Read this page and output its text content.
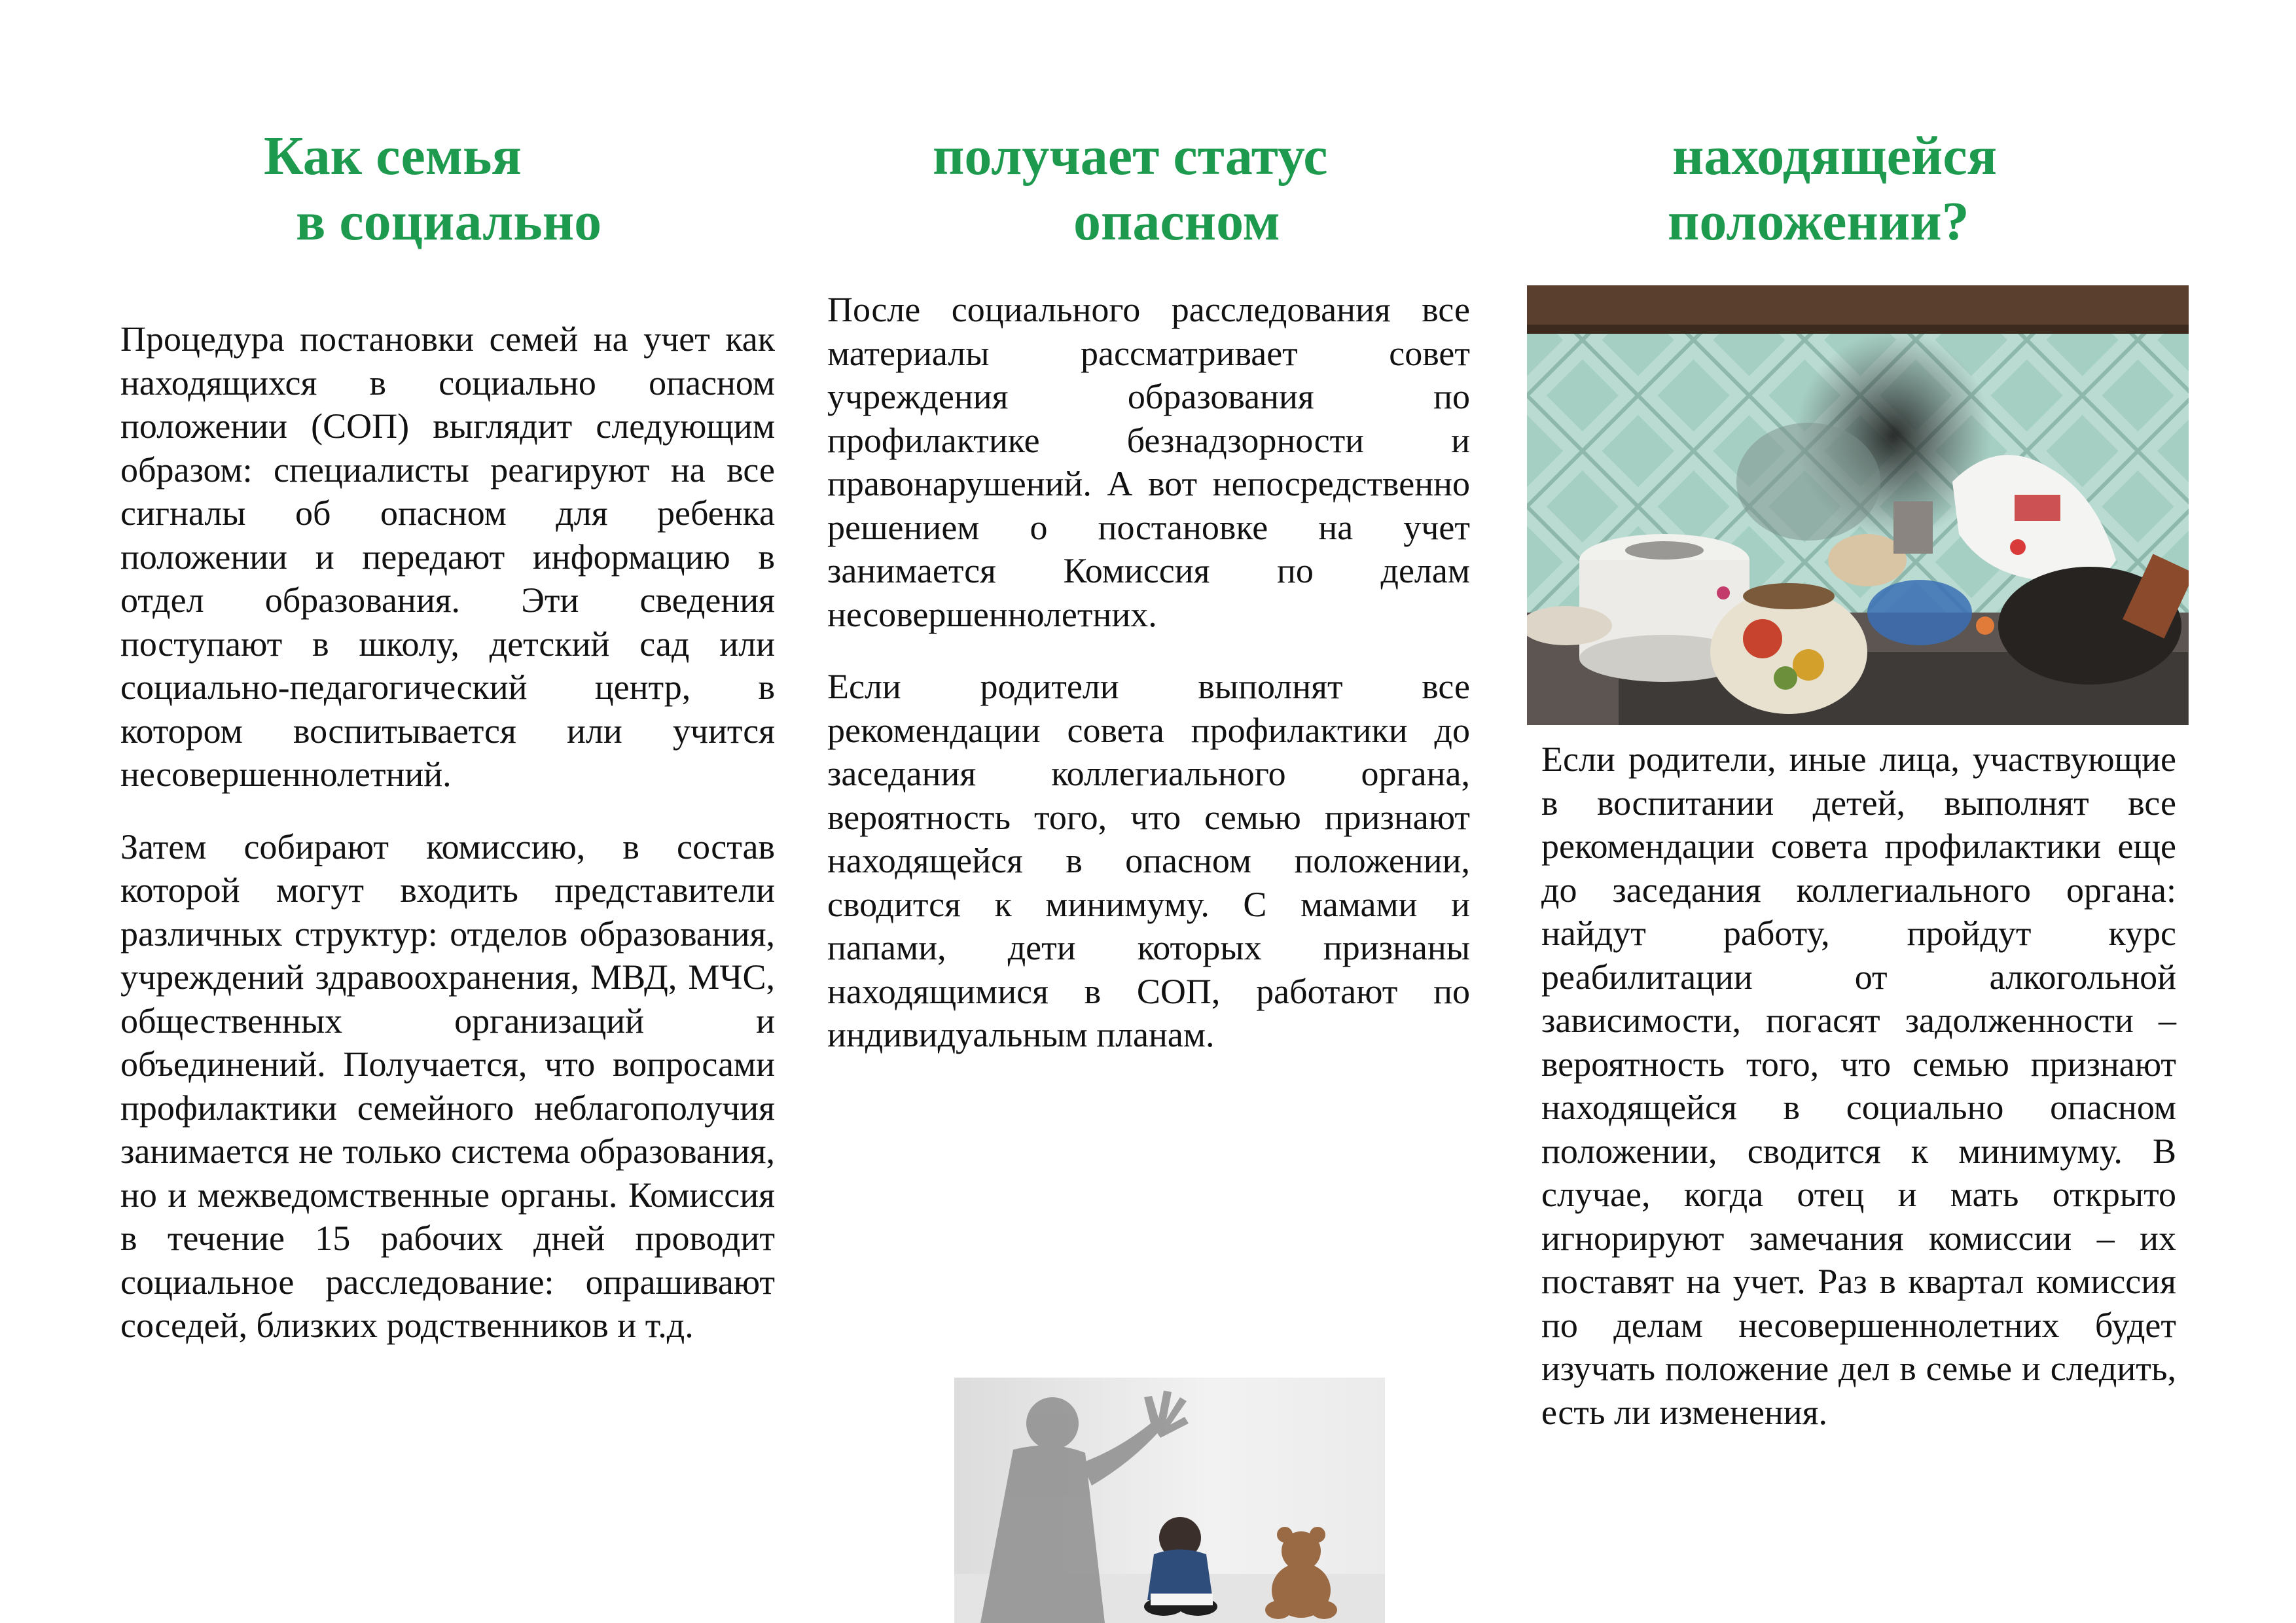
Как семья
в социально
получает статус
опасном
находящейся
положении?

Процедура постановки семей на учет как находящихся в социально опасном положении (СОП) выглядит следующим образом: специалисты реагируют на все сигналы об опасном для ребенка положении и передают информацию в отдел образования. Эти сведения поступают в школу, детский сад или социально-педагогический центр, в котором воспитывается или учится несовершеннолетний.

Затем собирают комиссию, в состав которой могут входить представители различных структур: отделов образования, учреждений здравоохранения, МВД, МЧС, общественных организаций и объединений. Получается, что вопросами профилактики семейного неблагополучия занимается не только система образования, но и межведомственные органы. Комиссия в течение 15 рабочих дней проводит социальное расследование: опрашивают соседей, близких родственников и т.д.

После социального расследования все материалы рассматривает совет учреждения образования по профилактике безнадзорности и правонарушений. А вот непосредственно решением о постановке на учет занимается Комиссия по делам несовершеннолетних.

Если родители выполнят все рекомендации совета профилактики до заседания коллегиального органа, вероятность того, что семью признают находящейся в опасном положении, сводится к минимуму. С мамами и папами, дети которых признаны находящимися в СОП, работают по индивидуальным планам.

Если родители, иные лица, участвующие в воспитании детей, выполнят все рекомендации совета профилактики еще до заседания коллегиального органа: найдут работу, пройдут курс реабилитации от алкогольной зависимости, погасят задолженности – вероятность того, что семью признают находящейся в социально опасном положении, сводится к минимуму. В случае, когда отец и мать открыто игнорируют замечания комиссии – их поставят на учет. Раз в квартал комиссия по делам несовершеннолетних будет изучать положение дел в семье и следить, есть ли изменения.
